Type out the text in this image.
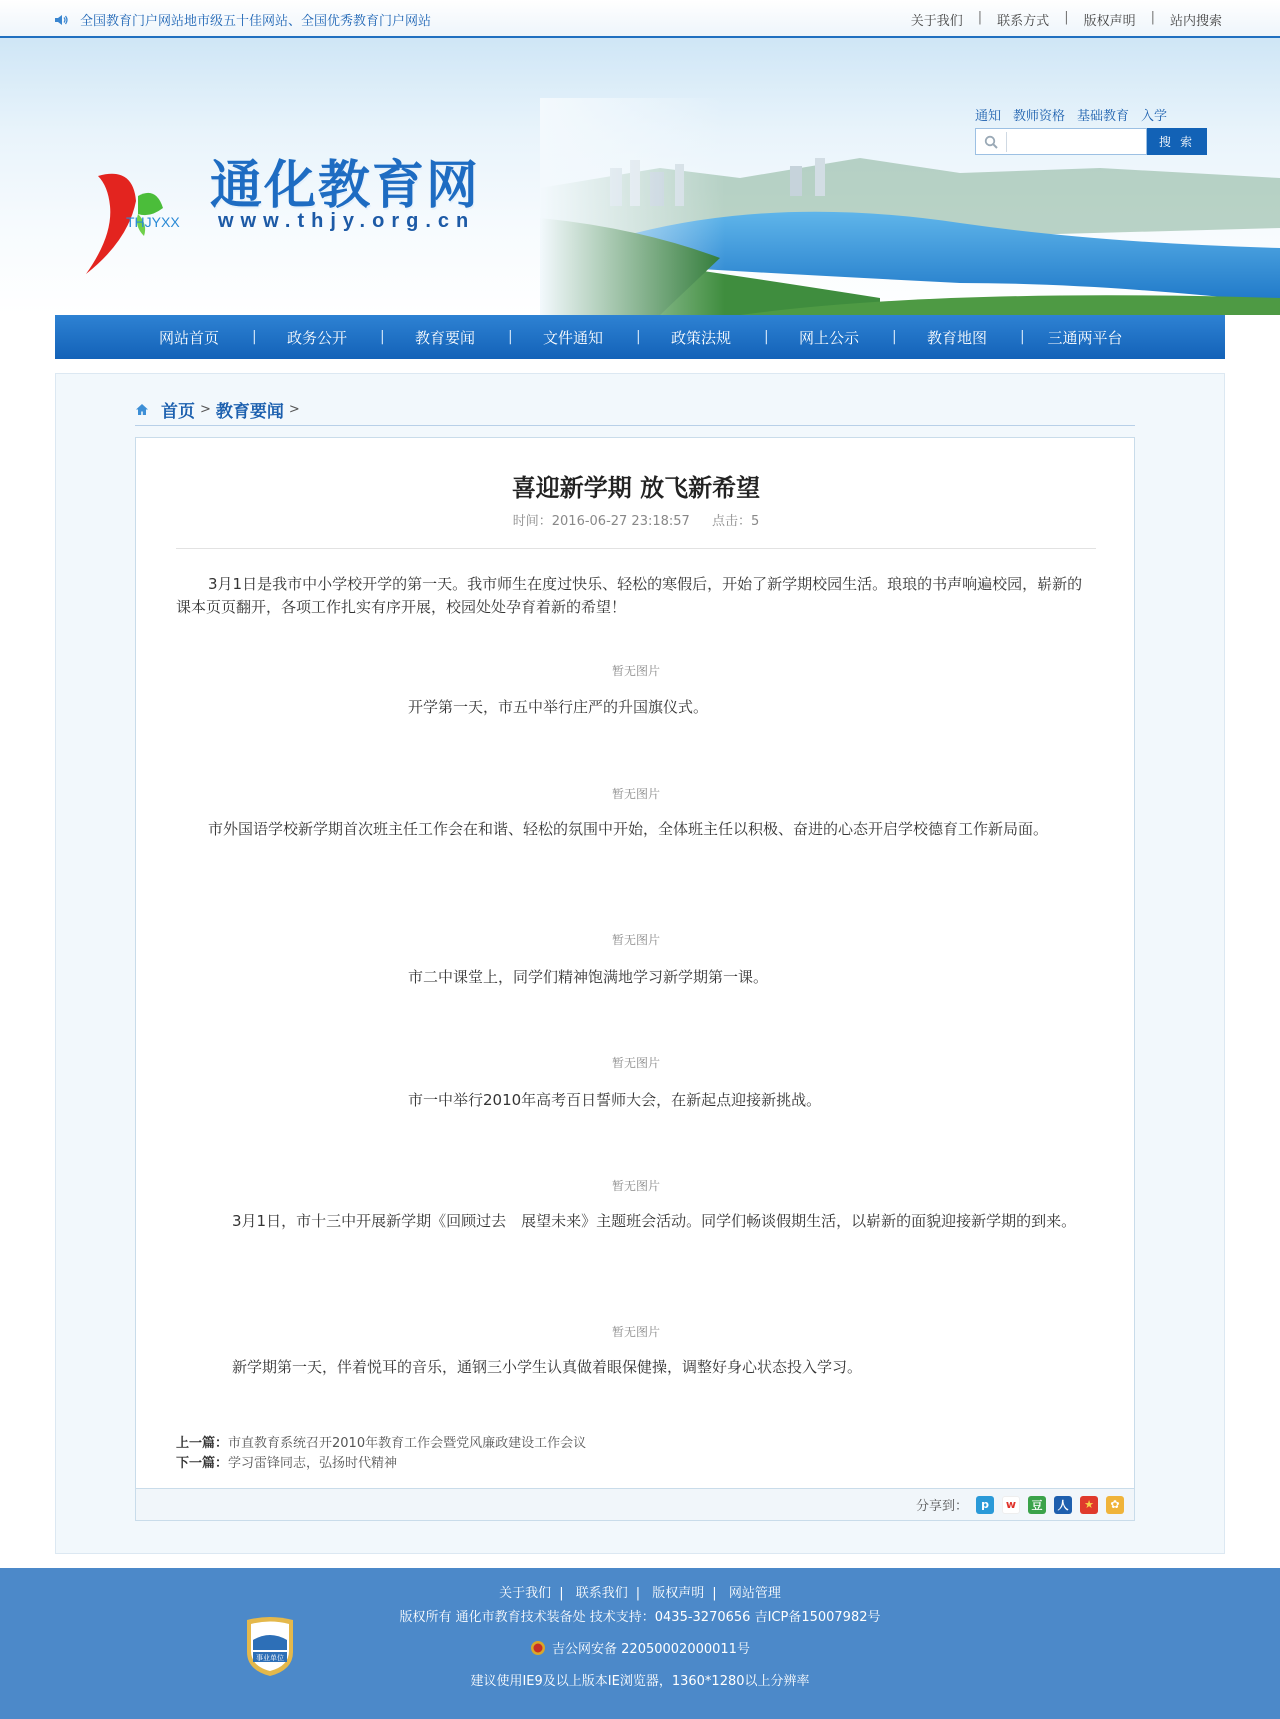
全国教育门户网站地市级五十佳网站、全国优秀教育门户网站	关于我们 | 联系方式 | 版权声明 | 站内搜索
THJYXX
通化教育网
www.thjy.org.cn
通知 教师资格 基础教育 入学
搜 索
网站首页	|	政务公开	|	教育要闻	|	文件通知	|	政策法规	|	网上公示	|	教育地图	|	三通两平台
首页 > 教育要闻 >
喜迎新学期 放飞新希望
时间：2016-06-27 23:18:57 点击：5

3月1日是我市中小学校开学的第一天。我市师生在度过快乐、轻松的寒假后，开始了新学期校园生活。琅琅的书声响遍校园，崭新的课本页页翻开，各项工作扎实有序开展，校园处处孕育着新的希望！

暂无图片
开学第一天，市五中举行庄严的升国旗仪式。
暂无图片

市外国语学校新学期首次班主任工作会在和谐、轻松的氛围中开始，全体班主任以积极、奋进的心态开启学校德育工作新局面。

暂无图片
市二中课堂上，同学们精神饱满地学习新学期第一课。
暂无图片
市一中举行2010年高考百日誓师大会，在新起点迎接新挑战。
暂无图片

3月1日，市十三中开展新学期《回顾过去　展望未来》主题班会活动。同学们畅谈假期生活，以崭新的面貌迎接新学期的到来。

暂无图片

新学期第一天，伴着悦耳的音乐，通钢三小学生认真做着眼保健操，调整好身心状态投入学习。

上一篇：市直教育系统召开2010年教育工作会暨党风廉政建设工作会议
下一篇：学习雷锋同志，弘扬时代精神
分享到：	p	w	豆	人	★	✿
关于我们 | 联系我们 | 版权声明 | 网站管理
版权所有 通化市教育技术装备处 技术支持：0435-3270656 吉ICP备15007982号
吉公网安备 22050002000011号
建议使用IE9及以上版本IE浏览器，1360*1280以上分辨率
事业单位
